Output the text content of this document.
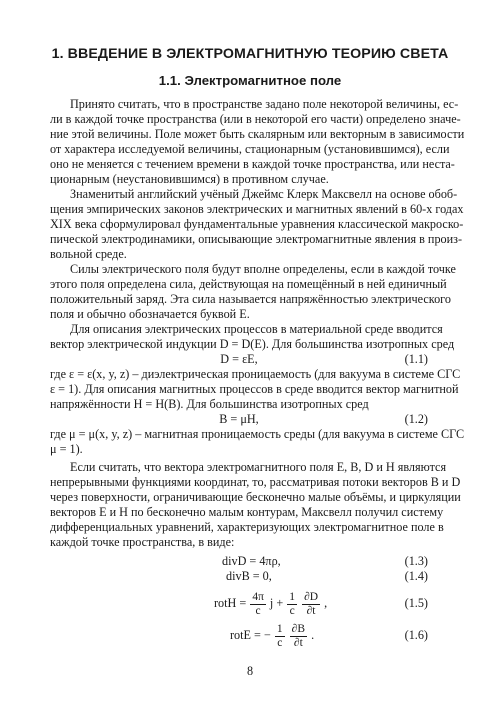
1. ВВЕДЕНИЕ В ЭЛЕКТРОМАГНИТНУЮ ТЕОРИЮ СВЕТА
1.1. Электромагнитное поле
Принято считать, что в пространстве задано поле некоторой величины, ес-
ли в каждой точке пространства (или в некоторой его части) определено значе-
ние этой величины. Поле может быть скалярным или векторным в зависимости
от характера исследуемой величины, стационарным (установившимся), если
оно не меняется с течением времени в каждой точке пространства, или нестa-
ционарным (неустановившимся) в противном случае.
Знаменитый английский учёный Джеймс Клерк Максвелл на основе обоб-
щения эмпирических законов электрических и магнитных явлений в 60-х годах
XIX века сформулировал фундаментальные уравнения классической макроско-
пической электродинамики, описывающие электромагнитные явления в произ-
вольной среде.
Силы электрического поля будут вполне определены, если в каждой точке
этого поля определена сила, действующая на помещённый в ней единичный
положительный заряд. Эта сила называется напряжённостью электрического
поля и обычно обозначается буквой E.
Для описания электрических процессов в материальной среде вводится
вектор электрической индукции D = D(E). Для большинства изотропных сред
D = εE,	(1.1)
где ε = ε(x, y, z) – диэлектрическая проницаемость (для вакуума в системе СГС
ε = 1). Для описания магнитных процессов в среде вводится вектор магнитной
напряжённости H = H(B). Для большинства изотропных сред
B = μH,	(1.2)
где μ = μ(x, y, z) – магнитная проницаемость среды (для вакуума в системе СГС
μ = 1).
Если считать, что вектора электромагнитного поля E, B, D и H являются
непрерывными функциями координат, то, рассматривая потоки векторов B и D
через поверхности, ограничивающие бесконечно малые объёмы, и циркуляции
векторов E и H по бесконечно малым контурам, Максвелл получил систему
дифференциальных уравнений, характеризующих электромагнитное поле в
каждой точке пространства, в виде:
divD = 4πρ,	(1.3)
divB = 0,	(1.4)
rotH = $\frac{4\pi}{c}$ $j + \frac{1}{c}$
$\frac{\partial D}{\partial t}$ ,	(1.5)
rotE = − $\frac{1}{c}$
$\frac{\partial B}{\partial t}$ .	(1.6)
8
